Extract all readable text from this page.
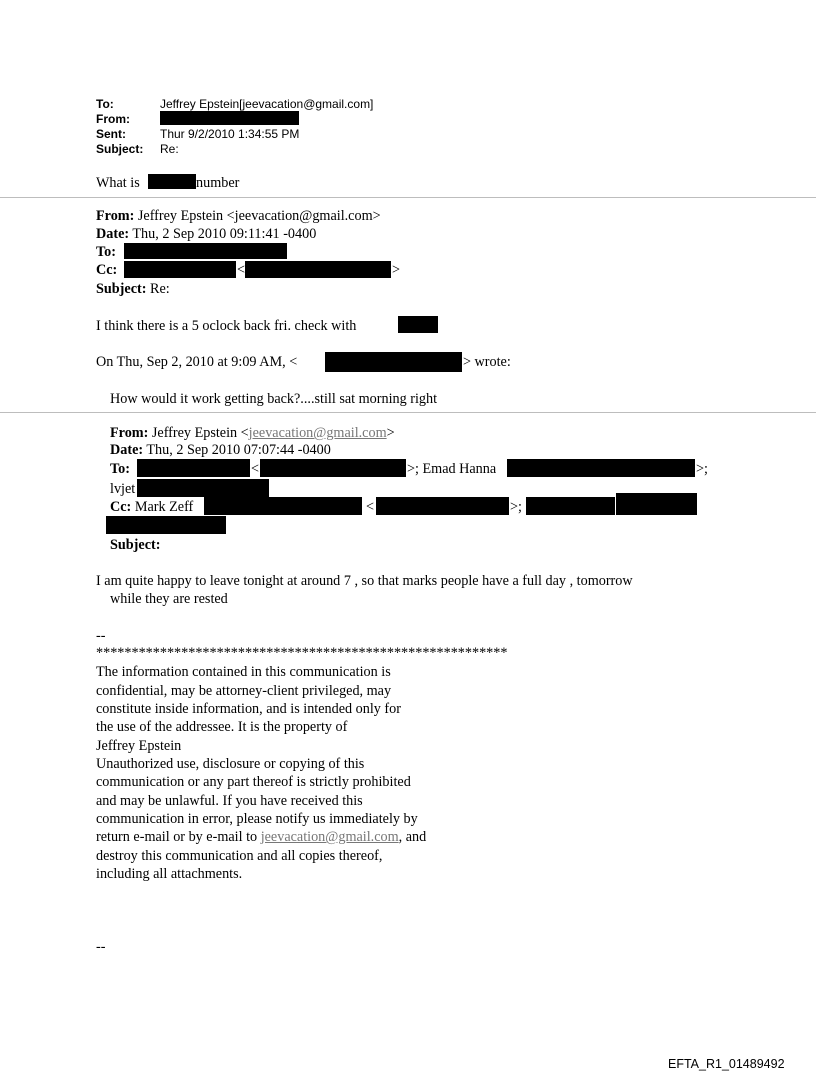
To:	Jeffrey Epstein[jeevacation@gmail.com]
From:
Sent:	Thur 9/2/2010 1:34:55 PM
Subject: Re:
What is	number
From: Jeffrey Epstein <jeevacation@gmail.com>
Date: Thu, 2 Sep 2010 09:11:41 -0400
To:
Cc:	<	>
Subject: Re:
I think there is a 5 oclock back fri. check with
On Thu, Sep 2, 2010 at 9:09 AM, <	> wrote:
How would it work getting back?....still sat morning right
From: Jeffrey Epstein <jeevacation@gmail.com>
Date: Thu, 2 Sep 2010 07:07:44 -0400
To:	<	>; Emad Hanna	>;
lvjet
Cc: Mark Zeff	<	>;
Subject:
I am quite happy to leave tonight at around 7 , so that marks people have a full day , tomorrow
while they are rested
--
**********************************************************
The information contained in this communication is
confidential, may be attorney-client privileged, may
constitute inside information, and is intended only for
the use of the addressee. It is the property of
Jeffrey Epstein
Unauthorized use, disclosure or copying of this
communication or any part thereof is strictly prohibited
and may be unlawful. If you have received this
communication in error, please notify us immediately by
return e-mail or by e-mail to jeevacation@gmail.com, and
destroy this communication and all copies thereof,
including all attachments.
--
EFTA_R1_01489492
